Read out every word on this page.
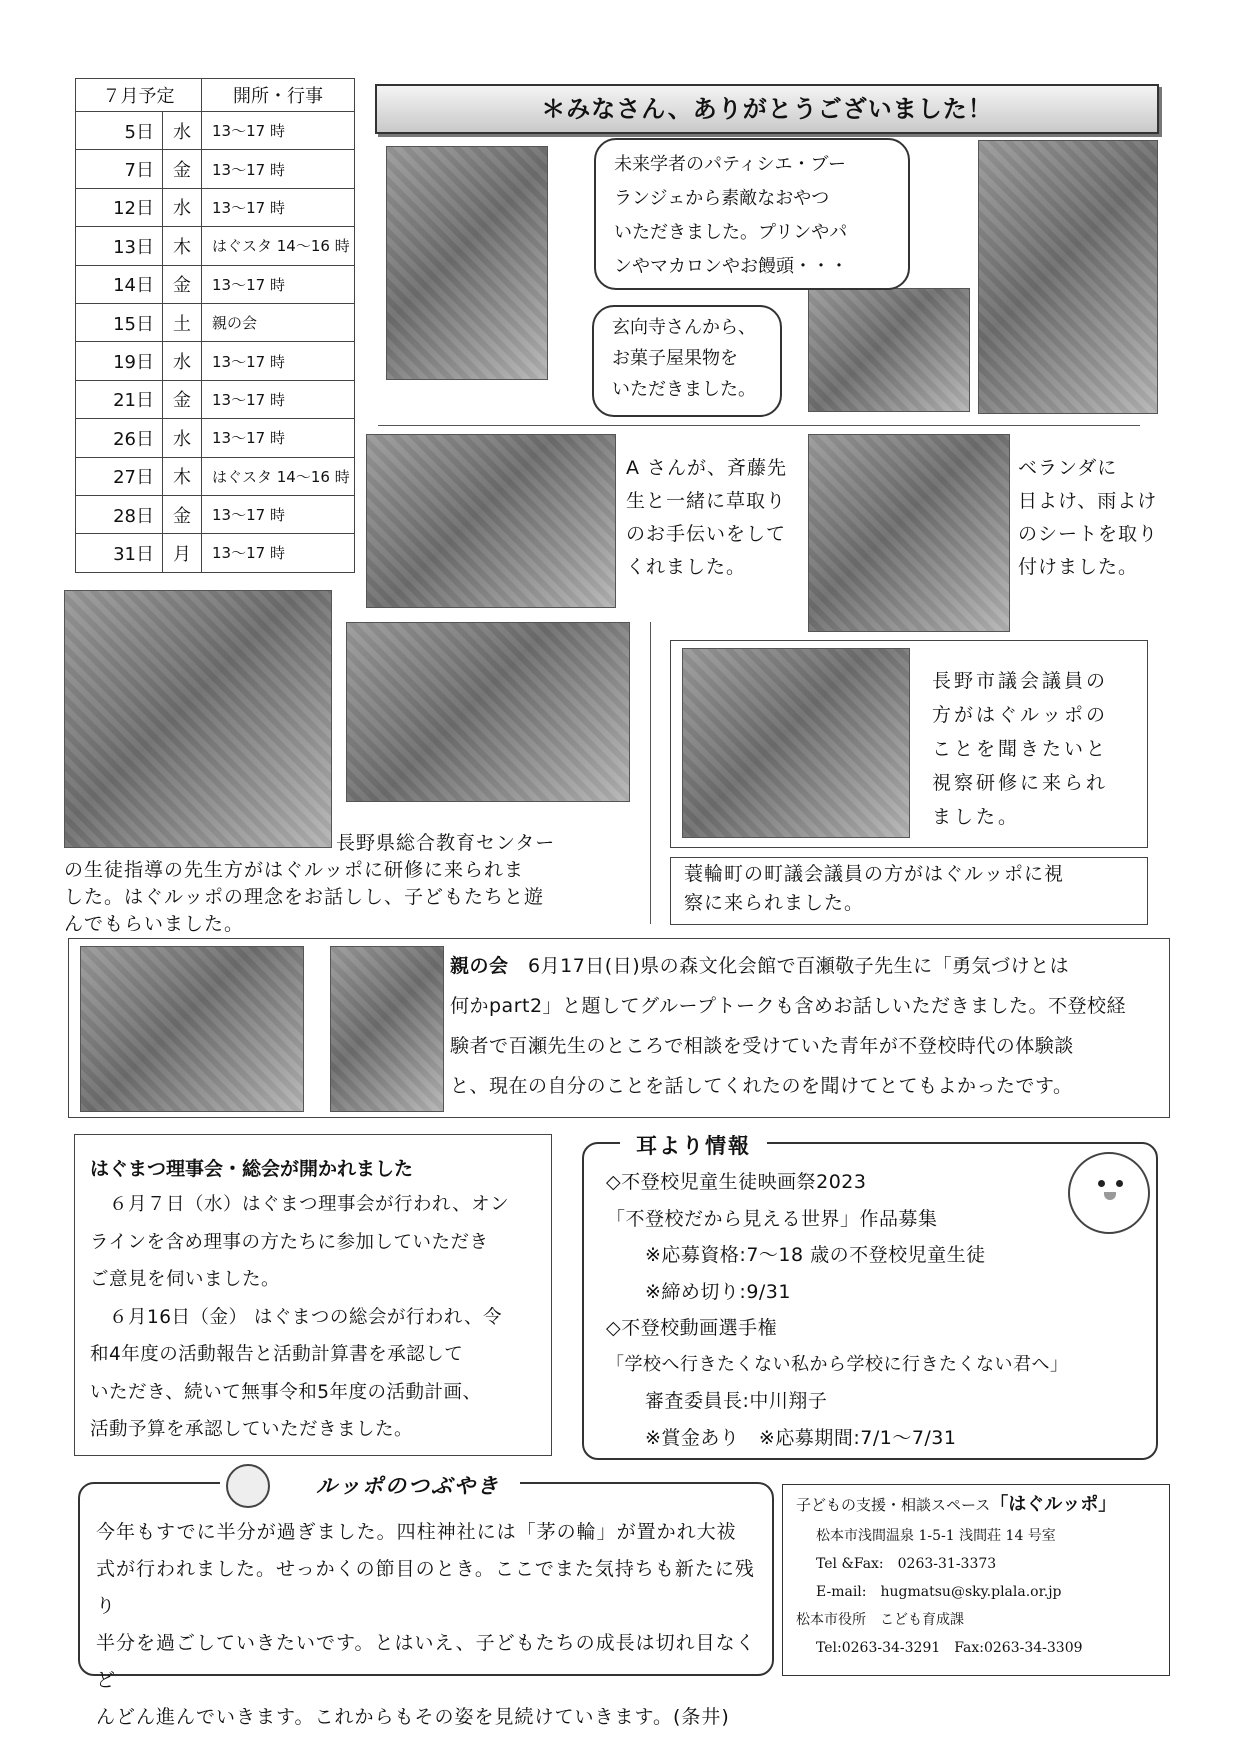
７月予定		開所・行事
5日	水	13～17 時
7日	金	13～17 時
12日	水	13～17 時
13日	木	はぐスタ 14～16 時
14日	金	13～17 時
15日	土	親の会
19日	水	13～17 時
21日	金	13～17 時
26日	水	13～17 時
27日	木	はぐスタ 14～16 時
28日	金	13～17 時
31日	月	13～17 時
＊みなさん、ありがとうございました！
未来学者のパティシエ・ブー
ランジェから素敵なおやつ
いただきました。プリンやパ
ンやマカロンやお饅頭・・・
玄向寺さんから、
お菓子屋果物を
いただきました。
A さんが、斉藤先
生と一緒に草取り
のお手伝いをして
くれました。
ベランダに
日よけ、雨よけ
のシートを取り
付けました。
長野県総合教育センター
の生徒指導の先生方がはぐルッポに研修に来られま
した。はぐルッポの理念をお話しし、子どもたちと遊
んでもらいました。
長野市議会議員の
方がはぐルッポの
ことを聞きたいと
視察研修に来られ
ました。
蓑輪町の町議会議員の方がはぐルッポに視
察に来られました。
親の会　 6月17日(日)県の森文化会館で百瀬敬子先生に「勇気づけとは
何かpart2」と題してグループトークも含めお話しいただきました。不登校経
験者で百瀬先生のところで相談を受けていた青年が不登校時代の体験談
と、現在の自分のことを話してくれたのを聞けてとてもよかったです。
はぐまつ理事会・総会が開かれました
　６月７日（水）はぐまつ理事会が行われ、オン
ラインを含め理事の方たちに参加していただき
ご意見を伺いました。
　６月16日（金） はぐまつの総会が行われ、令
和4年度の活動報告と活動計算書を承認して
いただき、続いて無事令和5年度の活動計画、
活動予算を承認していただきました。
耳より情報
◇不登校児童生徒映画祭2023
「不登校だから見える世界」作品募集
　　※応募資格:7～18 歳の不登校児童生徒
　　※締め切り:9/31
◇不登校動画選手権
「学校へ行きたくない私から学校に行きたくない君へ」
　　審査委員長:中川翔子
　　※賞金あり　※応募期間:7/1～7/31
ルッポのつぶやき
今年もすでに半分が過ぎました。四柱神社には「茅の輪」が置かれ大祓
式が行われました。せっかくの節目のとき。ここでまた気持ちも新たに残り
半分を過ごしていきたいです。とはいえ、子どもたちの成長は切れ目なくど
んどん進んでいきます。これからもその姿を見続けていきます。(条井)
子どもの支援・相談スペース「はぐルッポ」
松本市浅間温泉 1-5-1 浅間荘 14 号室
Tel &Fax:　0263-31-3373
E-mail:　hugmatsu@sky.plala.or.jp
松本市役所　こども育成課
Tel:0263-34-3291　Fax:0263-34-3309
